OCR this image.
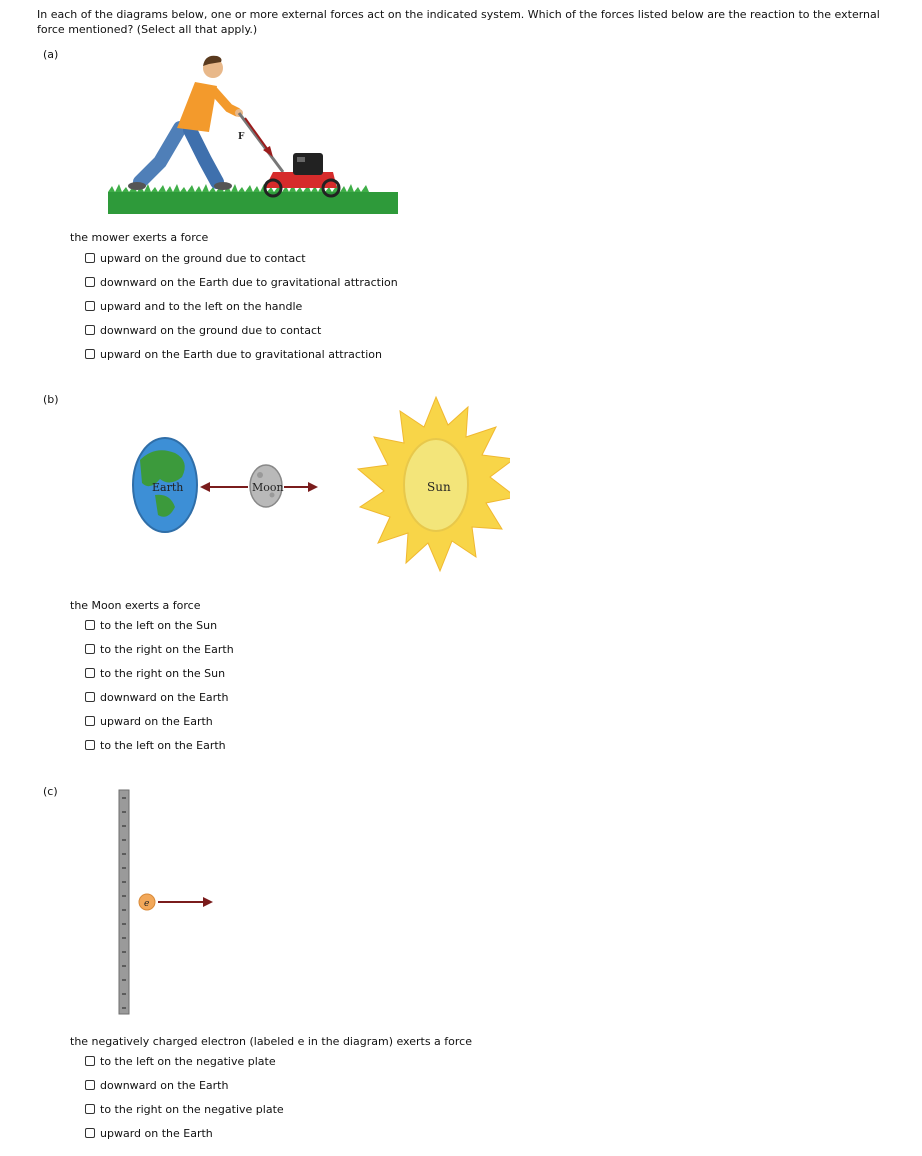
In each of the diagrams below, one or more external forces act on the indicated system. Which of the forces listed below are the reaction to the external force mentioned? (Select all that apply.)
(a)
F
the mower exerts a force
upward on the ground due to contact
downward on the Earth due to gravitational attraction
upward and to the left on the handle
downward on the ground due to contact
upward on the Earth due to gravitational attraction
(b)
Earth	Moon	Sun
the Moon exerts a force
to the left on the Sun
to the right on the Earth
to the right on the Sun
downward on the Earth
upward on the Earth
to the left on the Earth
(c)
e
the negatively charged electron (labeled e in the diagram) exerts a force
to the left on the negative plate
downward on the Earth
to the right on the negative plate
upward on the Earth
